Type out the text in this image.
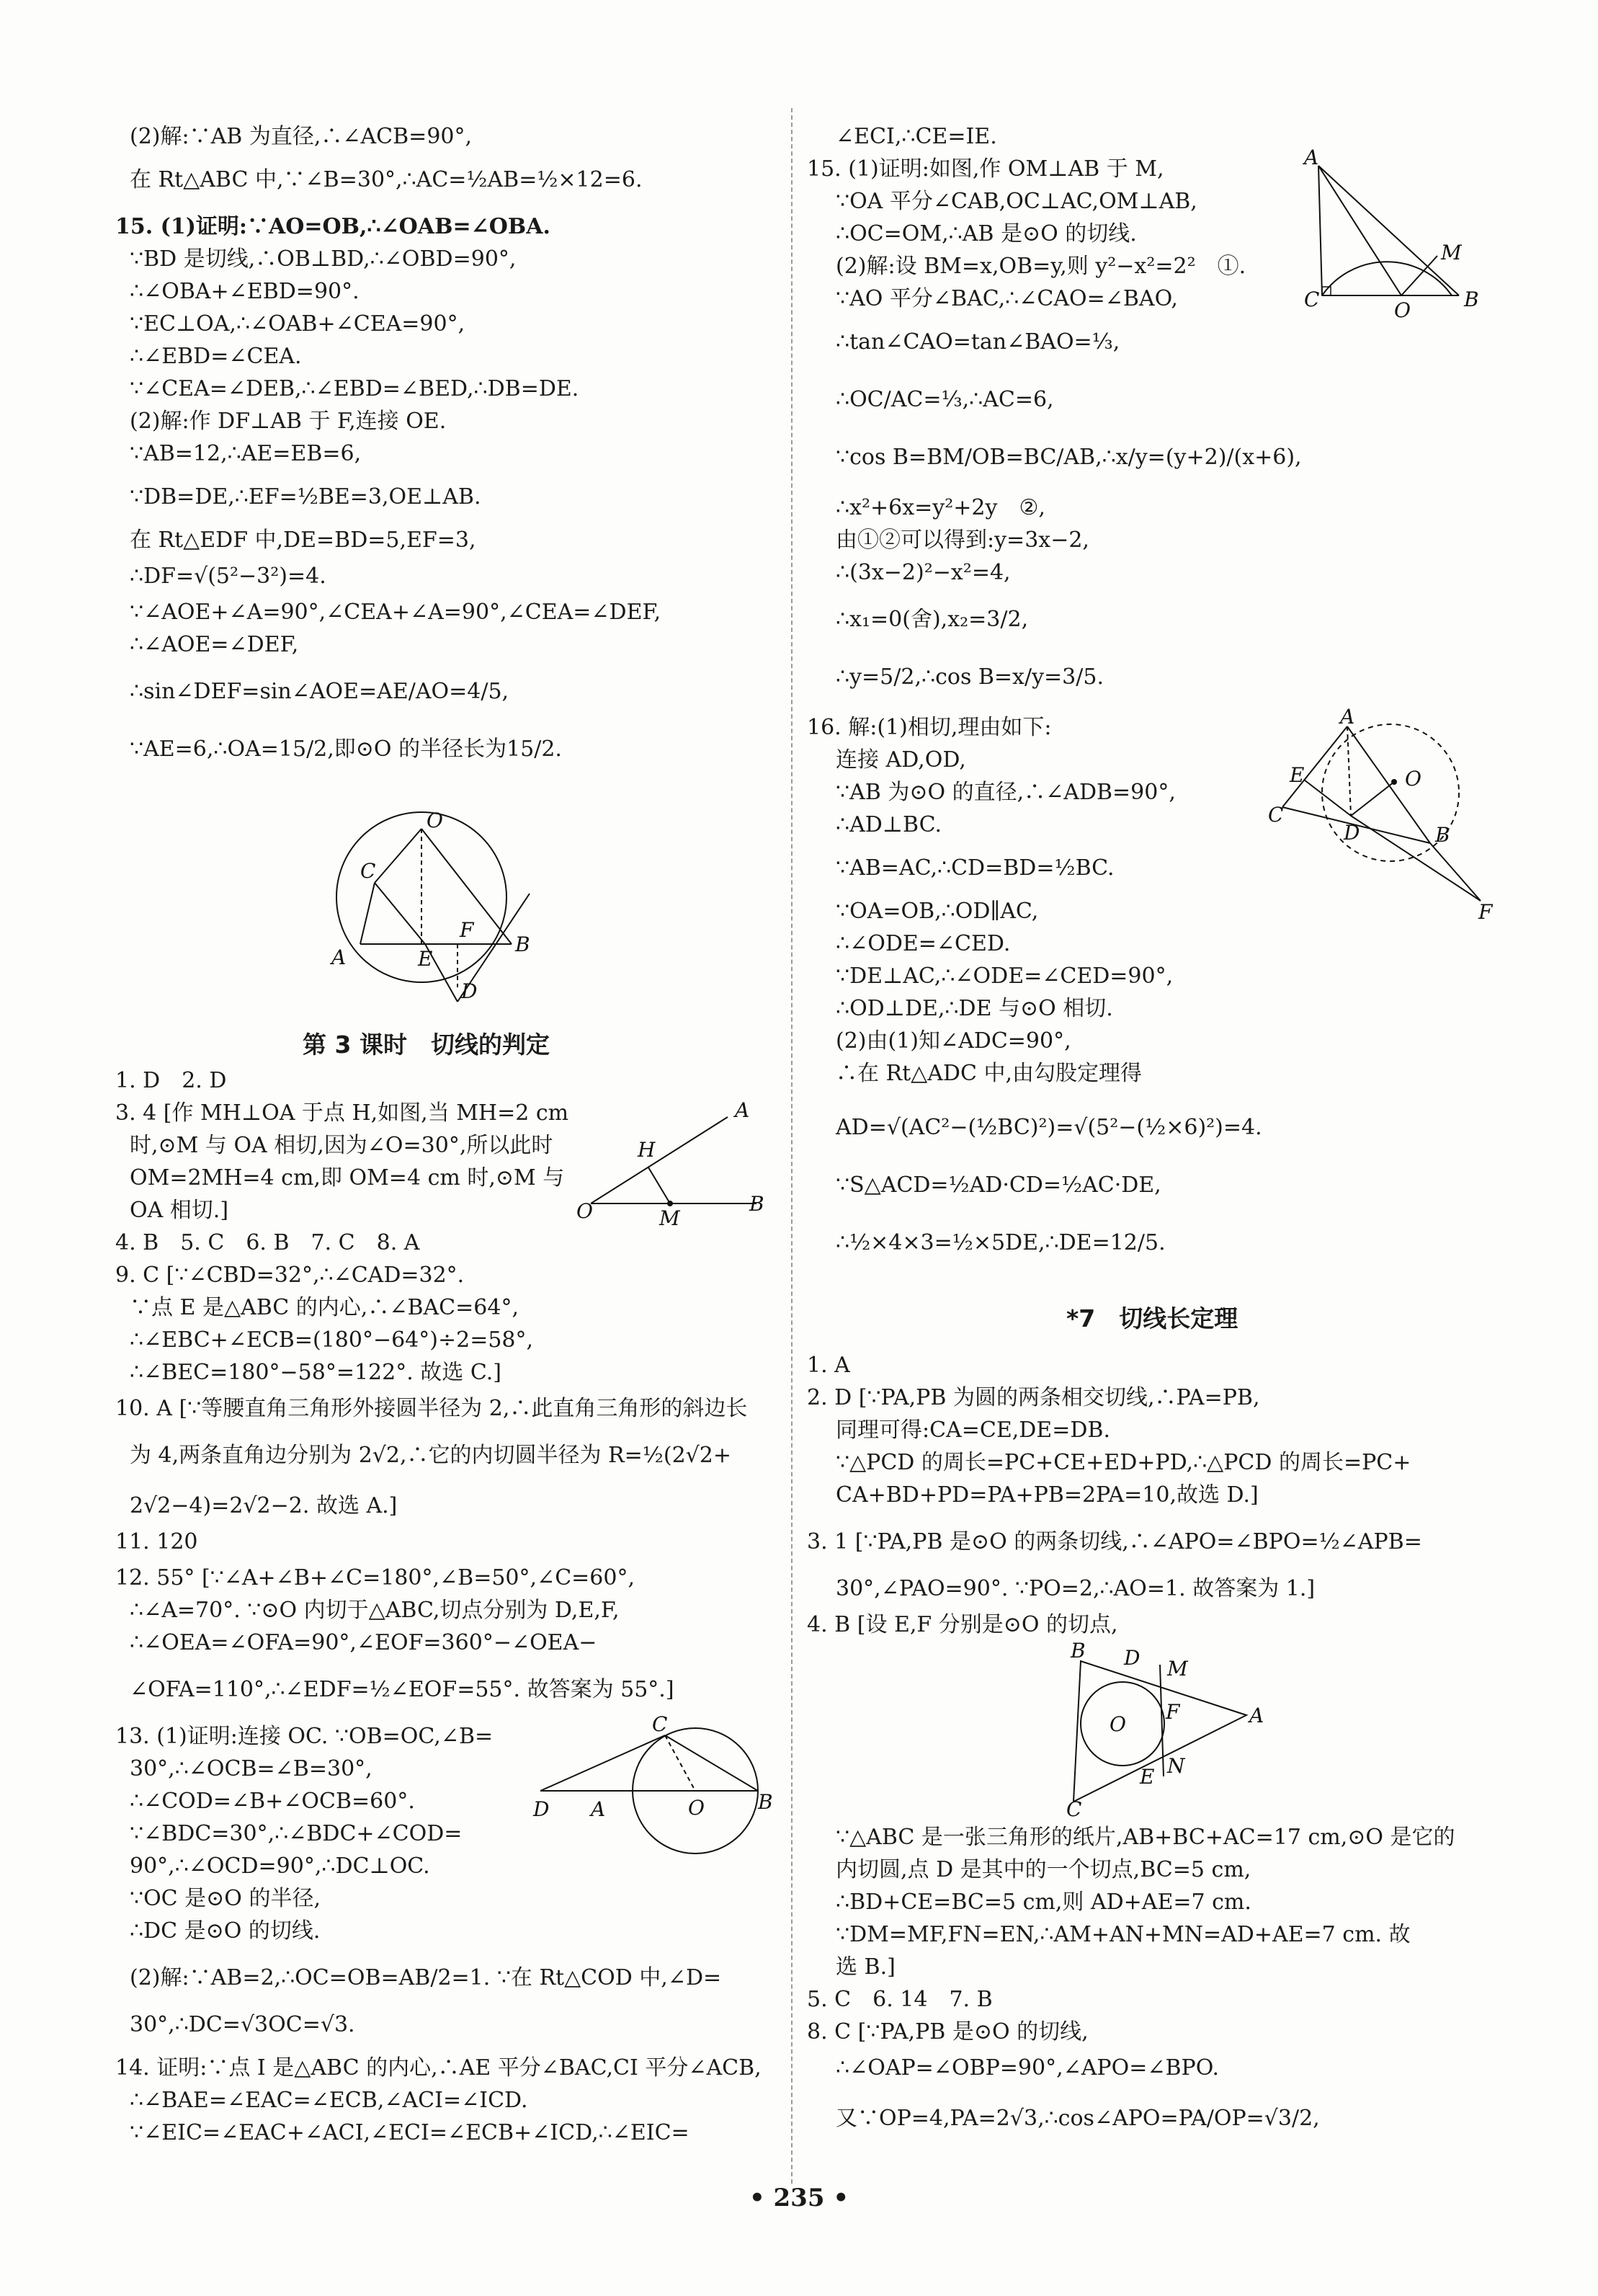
(2)解:∵AB 为直径,∴∠ACB=90°,
在 Rt△ABC 中,∵∠B=30°,∴AC=½AB=½×12=6.
15. (1)证明:∵AO=OB,∴∠OAB=∠OBA.
∵BD 是切线,∴OB⊥BD,∴∠OBD=90°,
∴∠OBA+∠EBD=90°.
∵EC⊥OA,∴∠OAB+∠CEA=90°,
∴∠EBD=∠CEA.
∵∠CEA=∠DEB,∴∠EBD=∠BED,∴DB=DE.
(2)解:作 DF⊥AB 于 F,连接 OE.
∵AB=12,∴AE=EB=6,
∵DB=DE,∴EF=½BE=3,OE⊥AB.
在 Rt△EDF 中,DE=BD=5,EF=3,
∴DF=√(5²−3²)=4.
∵∠AOE+∠A=90°,∠CEA+∠A=90°,∠CEA=∠DEF,
∴∠AOE=∠DEF,
∴sin∠DEF=sin∠AOE=AE/AO=4/5,
∵AE=6,∴OA=15/2,即⊙O 的半径长为15/2.
O
C
A	E
F
B
D
第 3 课时　切线的判定
1. D　2. D
3. 4 [作 MH⊥OA 于点 H,如图,当 MH=2 cm
时,⊙M 与 OA 相切,因为∠O=30°,所以此时
OM=2MH=4 cm,即 OM=4 cm 时,⊙M 与
OA 相切.]
A
H
O	M
B
4. B　5. C　6. B　7. C　8. A
9. C [∵∠CBD=32°,∴∠CAD=32°.
∵点 E 是△ABC 的内心,∴∠BAC=64°,
∴∠EBC+∠ECB=(180°−64°)÷2=58°,
∴∠BEC=180°−58°=122°. 故选 C.]
10. A [∵等腰直角三角形外接圆半径为 2,∴此直角三角形的斜边长
为 4,两条直角边分别为 2√2,∴它的内切圆半径为 R=½(2√2+
2√2−4)=2√2−2. 故选 A.]
11. 120
12. 55° [∵∠A+∠B+∠C=180°,∠B=50°,∠C=60°,
∴∠A=70°. ∵⊙O 内切于△ABC,切点分别为 D,E,F,
∴∠OEA=∠OFA=90°,∠EOF=360°−∠OEA−
∠OFA=110°,∴∠EDF=½∠EOF=55°. 故答案为 55°.]
13. (1)证明:连接 OC. ∵OB=OC,∠B=
30°,∴∠OCB=∠B=30°,
∴∠COD=∠B+∠OCB=60°.
∵∠BDC=30°,∴∠BDC+∠COD=
90°,∴∠OCD=90°,∴DC⊥OC.
∵OC 是⊙O 的半径,
∴DC 是⊙O 的切线.
C
D A	O	B
(2)解:∵AB=2,∴OC=OB=AB/2=1. ∵在 Rt△COD 中,∠D=
30°,∴DC=√3OC=√3.
14. 证明:∵点 I 是△ABC 的内心,∴AE 平分∠BAC,CI 平分∠ACB,
∴∠BAE=∠EAC=∠ECB,∠ACI=∠ICD.
∵∠EIC=∠EAC+∠ACI,∠ECI=∠ECB+∠ICD,∴∠EIC=
∠ECI,∴CE=IE.
15. (1)证明:如图,作 OM⊥AB 于 M,
∵OA 平分∠CAB,OC⊥AC,OM⊥AB,
∴OC=OM,∴AB 是⊙O 的切线.
(2)解:设 BM=x,OB=y,则 y²−x²=2²　①.
∵AO 平分∠BAC,∴∠CAO=∠BAO,
∴tan∠CAO=tan∠BAO=⅓,
∴OC/AC=⅓,∴AC=6,
∵cos B=BM/OB=BC/AB,∴x/y=(y+2)/(x+6),
∴x²+6x=y²+2y　②,
由①②可以得到:y=3x−2,
∴(3x−2)²−x²=4,
∴x₁=0(舍),x₂=3/2,
∴y=5/2,∴cos B=x/y=3/5.
A
M
C	O	B
16. 解:(1)相切,理由如下:
连接 AD,OD,
∵AB 为⊙O 的直径,∴∠ADB=90°,
∴AD⊥BC.
∵AB=AC,∴CD=BD=½BC.
∵OA=OB,∴OD∥AC,
∴∠ODE=∠CED.
∵DE⊥AC,∴∠ODE=∠CED=90°,
∴OD⊥DE,∴DE 与⊙O 相切.
(2)由(1)知∠ADC=90°,
∴在 Rt△ADC 中,由勾股定理得
AD=√(AC²−(½BC)²)=√(5²−(½×6)²)=4.
∵S△ACD=½AD·CD=½AC·DE,
∴½×4×3=½×5DE,∴DE=12/5.
A
O
E
C
D	B
F
*7　切线长定理
1. A
2. D [∵PA,PB 为圆的两条相交切线,∴PA=PB,
同理可得:CA=CE,DE=DB.
∵△PCD 的周长=PC+CE+ED+PD,∴△PCD 的周长=PC+
CA+BD+PD=PA+PB=2PA=10,故选 D.]
3. 1 [∵PA,PB 是⊙O 的两条切线,∴∠APO=∠BPO=½∠APB=
30°,∠PAO=90°. ∵PO=2,∴AO=1. 故答案为 1.]
4. B [设 E,F 分别是⊙O 的切点,
B D M
O
F	A
E N
C
∵△ABC 是一张三角形的纸片,AB+BC+AC=17 cm,⊙O 是它的
内切圆,点 D 是其中的一个切点,BC=5 cm,
∴BD+CE=BC=5 cm,则 AD+AE=7 cm.
∵DM=MF,FN=EN,∴AM+AN+MN=AD+AE=7 cm. 故
选 B.]
5. C　6. 14　7. B
8. C [∵PA,PB 是⊙O 的切线,
∴∠OAP=∠OBP=90°,∠APO=∠BPO.
又∵OP=4,PA=2√3,∴cos∠APO=PA/OP=√3/2,
• 235 •
